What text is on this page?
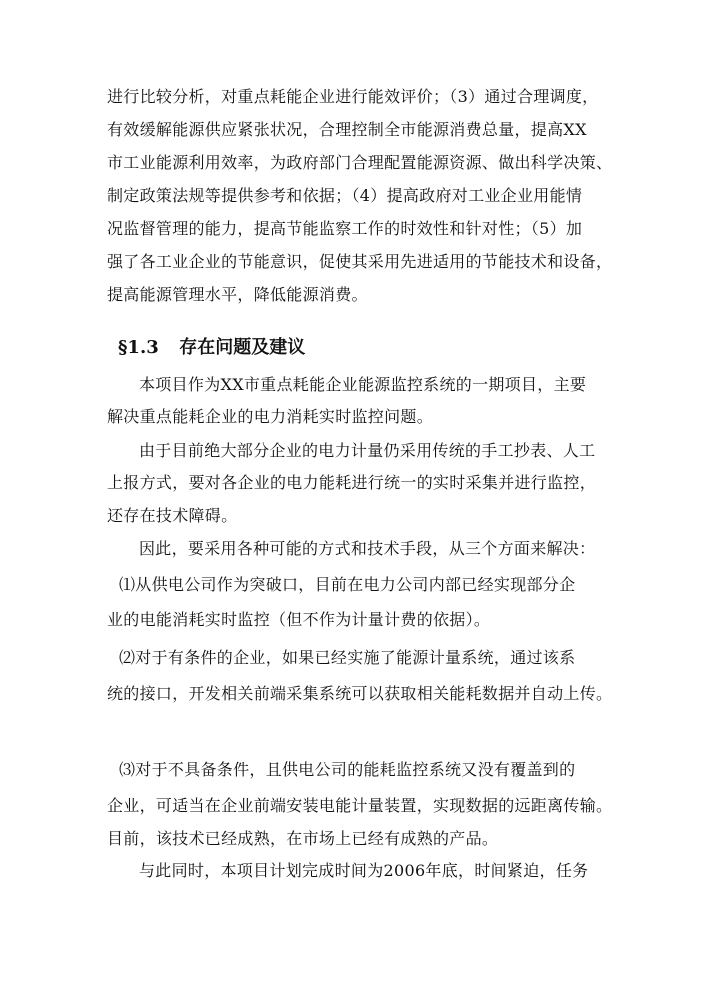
进行比较分析，对重点耗能企业进行能效评价；（3）通过合理调度，
有效缓解能源供应紧张状况，合理控制全市能源消费总量，提高XX
市工业能源利用效率，为政府部门合理配置能源资源、做出科学决策、
制定政策法规等提供参考和依据；（4）提高政府对工业企业用能情
况监督管理的能力，提高节能监察工作的时效性和针对性；（5）加
强了各工业企业的节能意识，促使其采用先进适用的节能技术和设备，
提高能源管理水平，降低能源消费。
§1.3 存在问题及建议
本项目作为XX市重点耗能企业能源监控系统的一期项目，主要
解决重点能耗企业的电力消耗实时监控问题。
由于目前绝大部分企业的电力计量仍采用传统的手工抄表、人工
上报方式，要对各企业的电力能耗进行统一的实时采集并进行监控，
还存在技术障碍。
因此，要采用各种可能的方式和技术手段，从三个方面来解决：
⑴从供电公司作为突破口，目前在电力公司内部已经实现部分企
业的电能消耗实时监控（但不作为计量计费的依据）。
⑵对于有条件的企业，如果已经实施了能源计量系统，通过该系
统的接口，开发相关前端采集系统可以获取相关能耗数据并自动上传。
⑶对于不具备条件，且供电公司的能耗监控系统又没有覆盖到的
企业，可适当在企业前端安装电能计量装置，实现数据的远距离传输。
目前，该技术已经成熟，在市场上已经有成熟的产品。
与此同时，本项目计划完成时间为2006年底，时间紧迫，任务
